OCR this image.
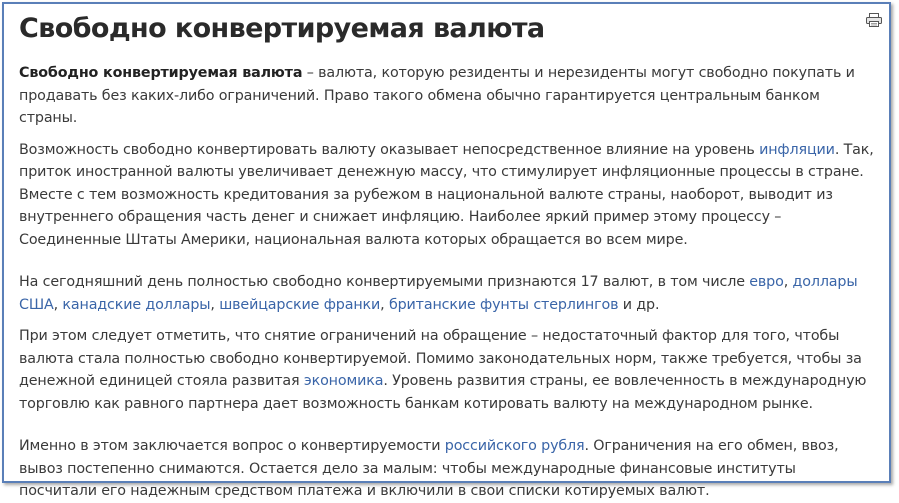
Свободно конвертируемая валюта

Свободно конвертируемая валюта – валюта, которую резиденты и нерезиденты могут свободно покупать и продавать без каких-либо ограничений. Право такого обмена обычно гарантируется центральным банком страны.

Возможность свободно конвертировать валюту оказывает непосредственное влияние на уровень инфляции. Так, приток иностранной валюты увеличивает денежную массу, что стимулирует инфляционные процессы в стране. Вместе с тем возможность кредитования за рубежом в национальной валюте страны, наоборот, выводит из внутреннего обращения часть денег и снижает инфляцию. Наиболее яркий пример этому процессу – Соединенные Штаты Америки, национальная валюта которых обращается во всем мире.

На сегодняшний день полностью свободно конвертируемыми признаются 17 валют, в том числе евро, доллары США, канадские доллары, швейцарские франки, британские фунты стерлингов и др.

При этом следует отметить, что снятие ограничений на обращение – недостаточный фактор для того, чтобы валюта стала полностью свободно конвертируемой. Помимо законодательных норм, также требуется, чтобы за денежной единицей стояла развитая экономика. Уровень развития страны, ее вовлеченность в международную торговлю как равного партнера дает возможность банкам котировать валюту на международном рынке.

Именно в этом заключается вопрос о конвертируемости российского рубля. Ограничения на его обмен, ввоз, вывоз постепенно снимаются. Остается дело за малым: чтобы международные финансовые институты посчитали его надежным средством платежа и включили в свои списки котируемых валют.
